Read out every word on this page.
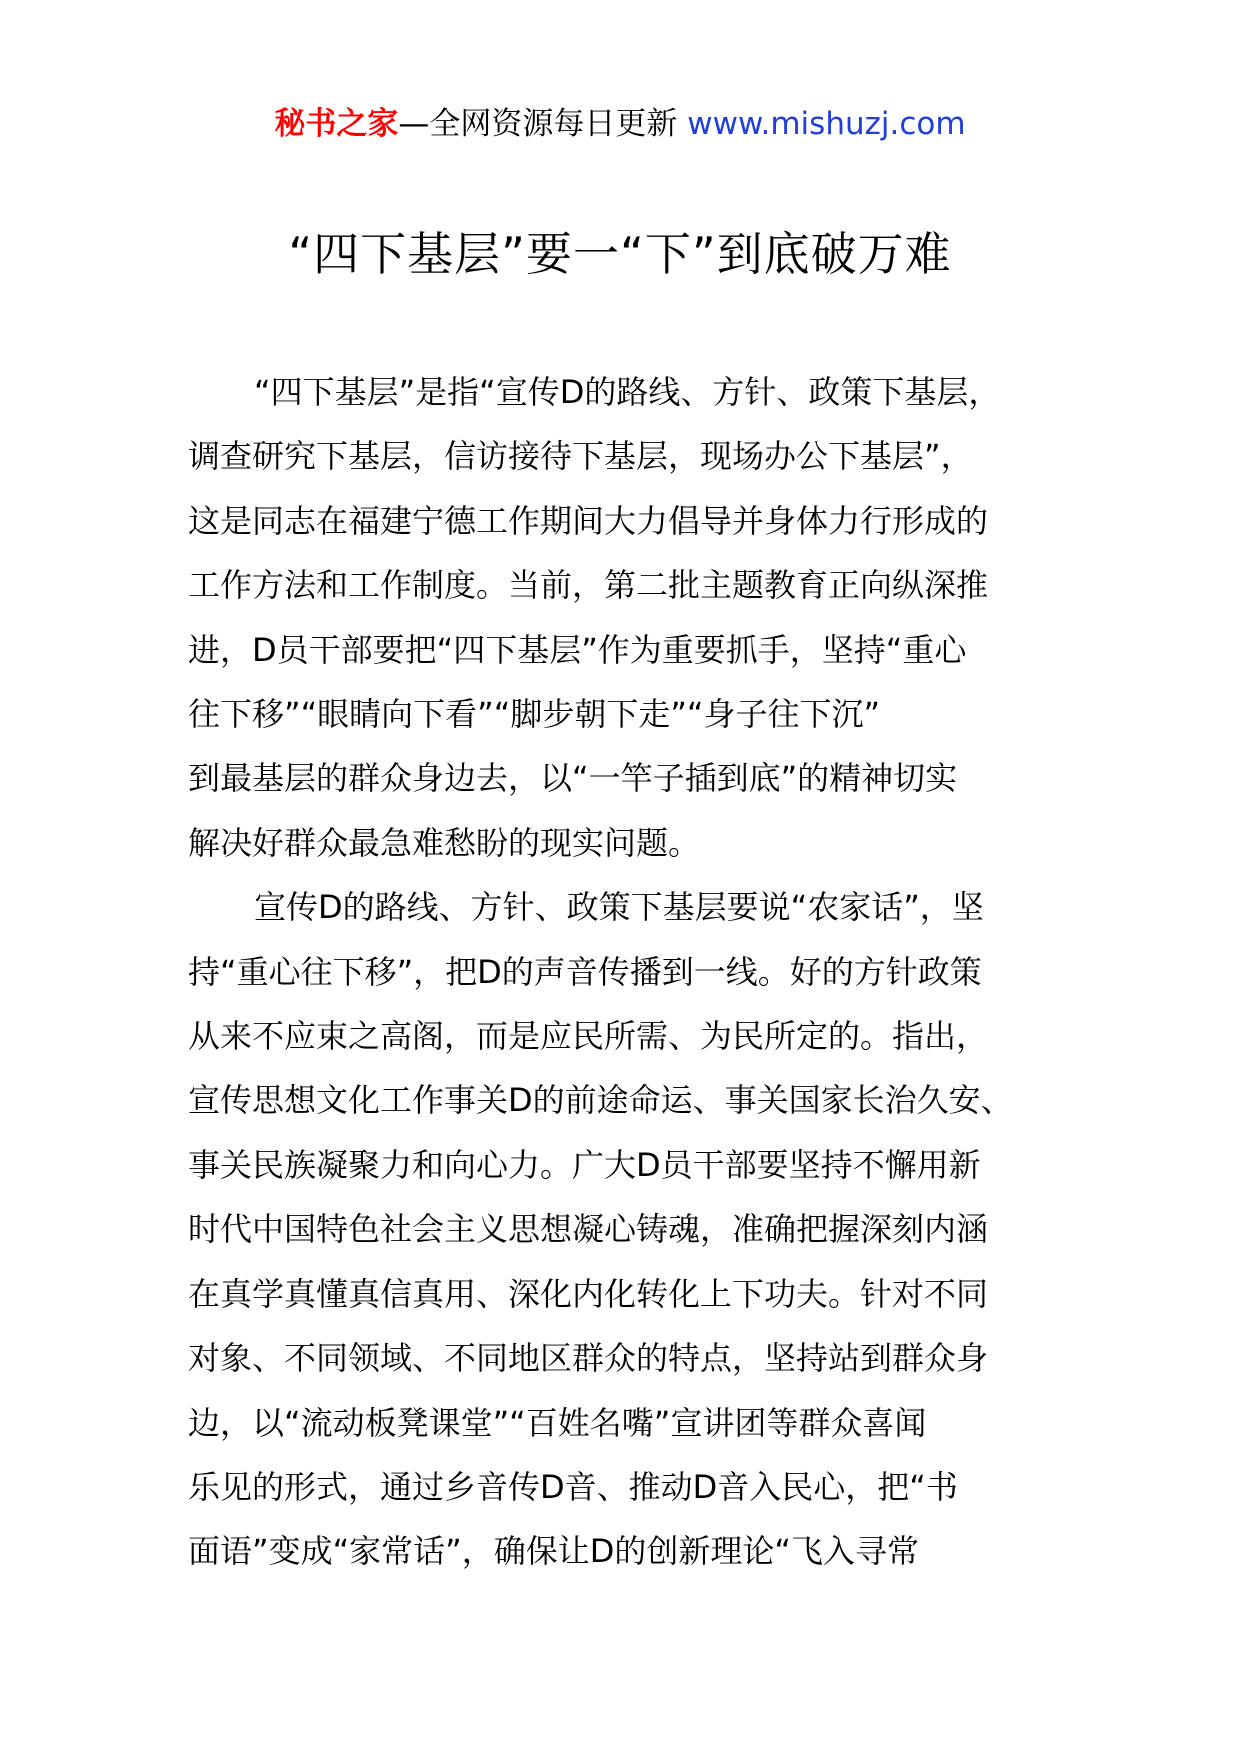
秘书之家—全网资源每日更新 www.mishuzj.com
“四下基层”要一“下”到底破万难

“四下基层”是指“宣传D的路线、方针、政策下基层，
调查研究下基层，信访接待下基层，现场办公下基层”，
这是同志在福建宁德工作期间大力倡导并身体力行形成的
工作方法和工作制度。当前，第二批主题教育正向纵深推
进，D员干部要把“四下基层”作为重要抓手，坚持“重心
往下移”“眼睛向下看”“脚步朝下走”“身子往下沉”
到最基层的群众身边去，以“一竿子插到底”的精神切实
解决好群众最急难愁盼的现实问题。

宣传D的路线、方针、政策下基层要说“农家话”，坚
持“重心往下移”，把D的声音传播到一线。好的方针政策
从来不应束之高阁，而是应民所需、为民所定的。指出，
宣传思想文化工作事关D的前途命运、事关国家长治久安、
事关民族凝聚力和向心力。广大D员干部要坚持不懈用新
时代中国特色社会主义思想凝心铸魂，准确把握深刻内涵
在真学真懂真信真用、深化内化转化上下功夫。针对不同
对象、不同领域、不同地区群众的特点，坚持站到群众身
边，以“流动板凳课堂”“百姓名嘴”宣讲团等群众喜闻
乐见的形式，通过乡音传D音、推动D音入民心，把“书
面语”变成“家常话”，确保让D的创新理论“飞入寻常
